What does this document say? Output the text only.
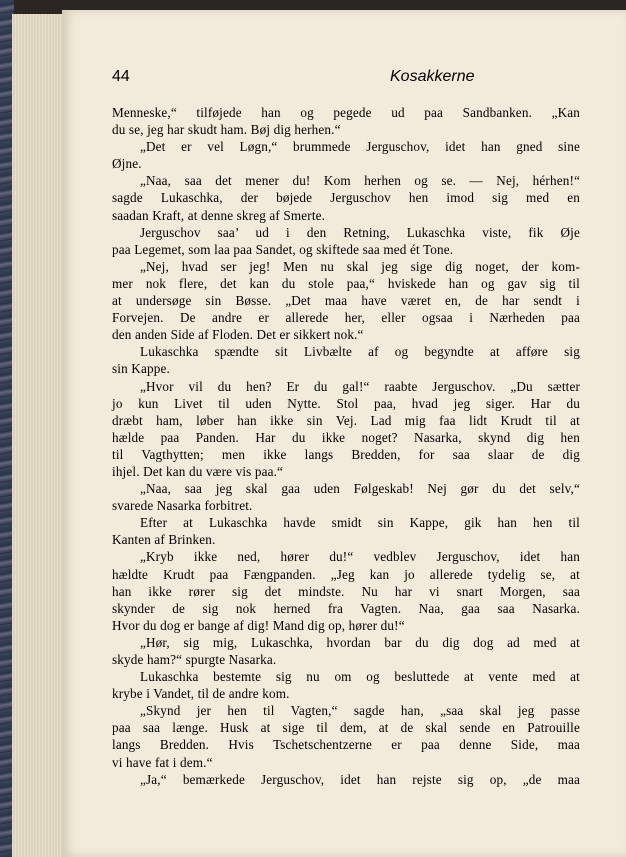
44	Kosakkerne
Menneske,“ tilføjede han og pegede ud paa Sandbanken. „Kan
du se, jeg har skudt ham. Bøj dig herhen.“
„Det er vel Løgn,“ brummede Jerguschov, idet han gned sine
Øjne.
„Naa, saa det mener du! Kom herhen og se. — Nej, hérhen!“
sagde Lukaschka, der bøjede Jerguschov hen imod sig med en
saadan Kraft, at denne skreg af Smerte.
Jerguschov saa’ ud i den Retning, Lukaschka viste, fik Øje
paa Legemet, som laa paa Sandet, og skiftede saa med ét Tone.
„Nej, hvad ser jeg! Men nu skal jeg sige dig noget, der kom-
mer nok flere, det kan du stole paa,“ hviskede han og gav sig til
at undersøge sin Bøsse. „Det maa have været en, de har sendt i
Forvejen. De andre er allerede her, eller ogsaa i Nærheden paa
den anden Side af Floden. Det er sikkert nok.“
Lukaschka spændte sit Livbælte af og begyndte at afføre sig
sin Kappe.
„Hvor vil du hen? Er du gal!“ raabte Jerguschov. „Du sætter
jo kun Livet til uden Nytte. Stol paa, hvad jeg siger. Har du
dræbt ham, løber han ikke sin Vej. Lad mig faa lidt Krudt til at
hælde paa Panden. Har du ikke noget? Nasarka, skynd dig hen
til Vagthytten; men ikke langs Bredden, for saa slaar de dig
ihjel. Det kan du være vis paa.“
„Naa, saa jeg skal gaa uden Følgeskab! Nej gør du det selv,“
svarede Nasarka forbitret.
Efter at Lukaschka havde smidt sin Kappe, gik han hen til
Kanten af Brinken.
„Kryb ikke ned, hører du!“ vedblev Jerguschov, idet han
hældte Krudt paa Fængpanden. „Jeg kan jo allerede tydelig se, at
han ikke rører sig det mindste. Nu har vi snart Morgen, saa
skynder de sig nok herned fra Vagten. Naa, gaa saa Nasarka.
Hvor du dog er bange af dig! Mand dig op, hører du!“
„Hør, sig mig, Lukaschka, hvordan bar du dig dog ad med at
skyde ham?“ spurgte Nasarka.
Lukaschka bestemte sig nu om og besluttede at vente med at
krybe i Vandet, til de andre kom.
„Skynd jer hen til Vagten,“ sagde han, „saa skal jeg passe
paa saa længe. Husk at sige til dem, at de skal sende en Patrouille
langs Bredden. Hvis Tschetschentzerne er paa denne Side, maa
vi have fat i dem.“
„Ja,“ bemærkede Jerguschov, idet han rejste sig op, „de maa
